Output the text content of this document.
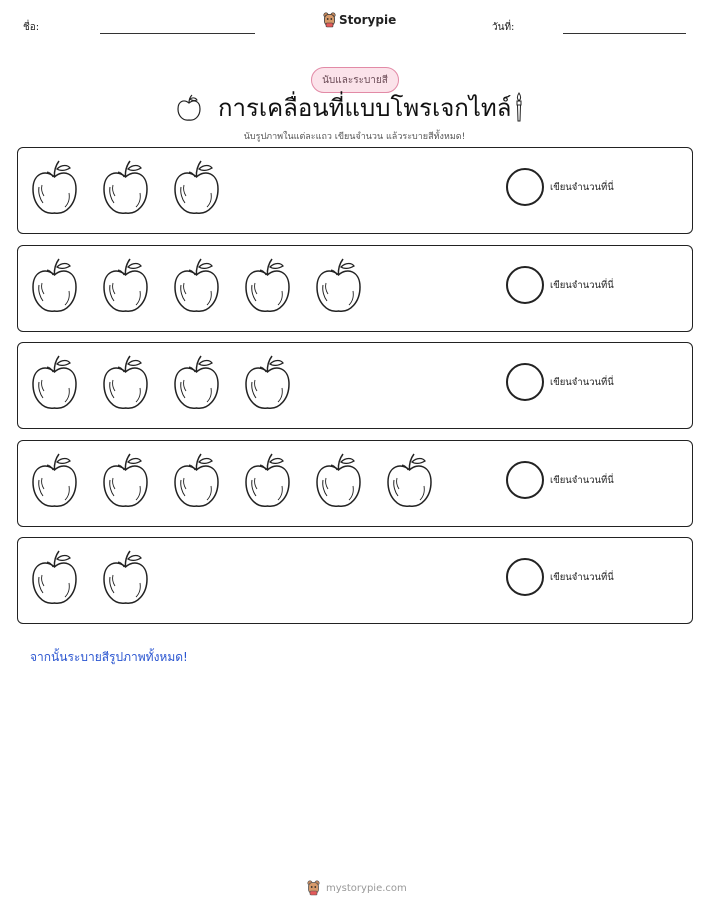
ชื่อ:
Storypie
วันที่:
นับและระบายสี
การเคลื่อนที่แบบโพรเจกไทล์
นับรูปภาพในแต่ละแถว เขียนจำนวน แล้วระบายสีทั้งหมด!
เขียนจำนวนที่นี่
เขียนจำนวนที่นี่
เขียนจำนวนที่นี่
เขียนจำนวนที่นี่
เขียนจำนวนที่นี่
จากนั้นระบายสีรูปภาพทั้งหมด!
mystorypie.com
